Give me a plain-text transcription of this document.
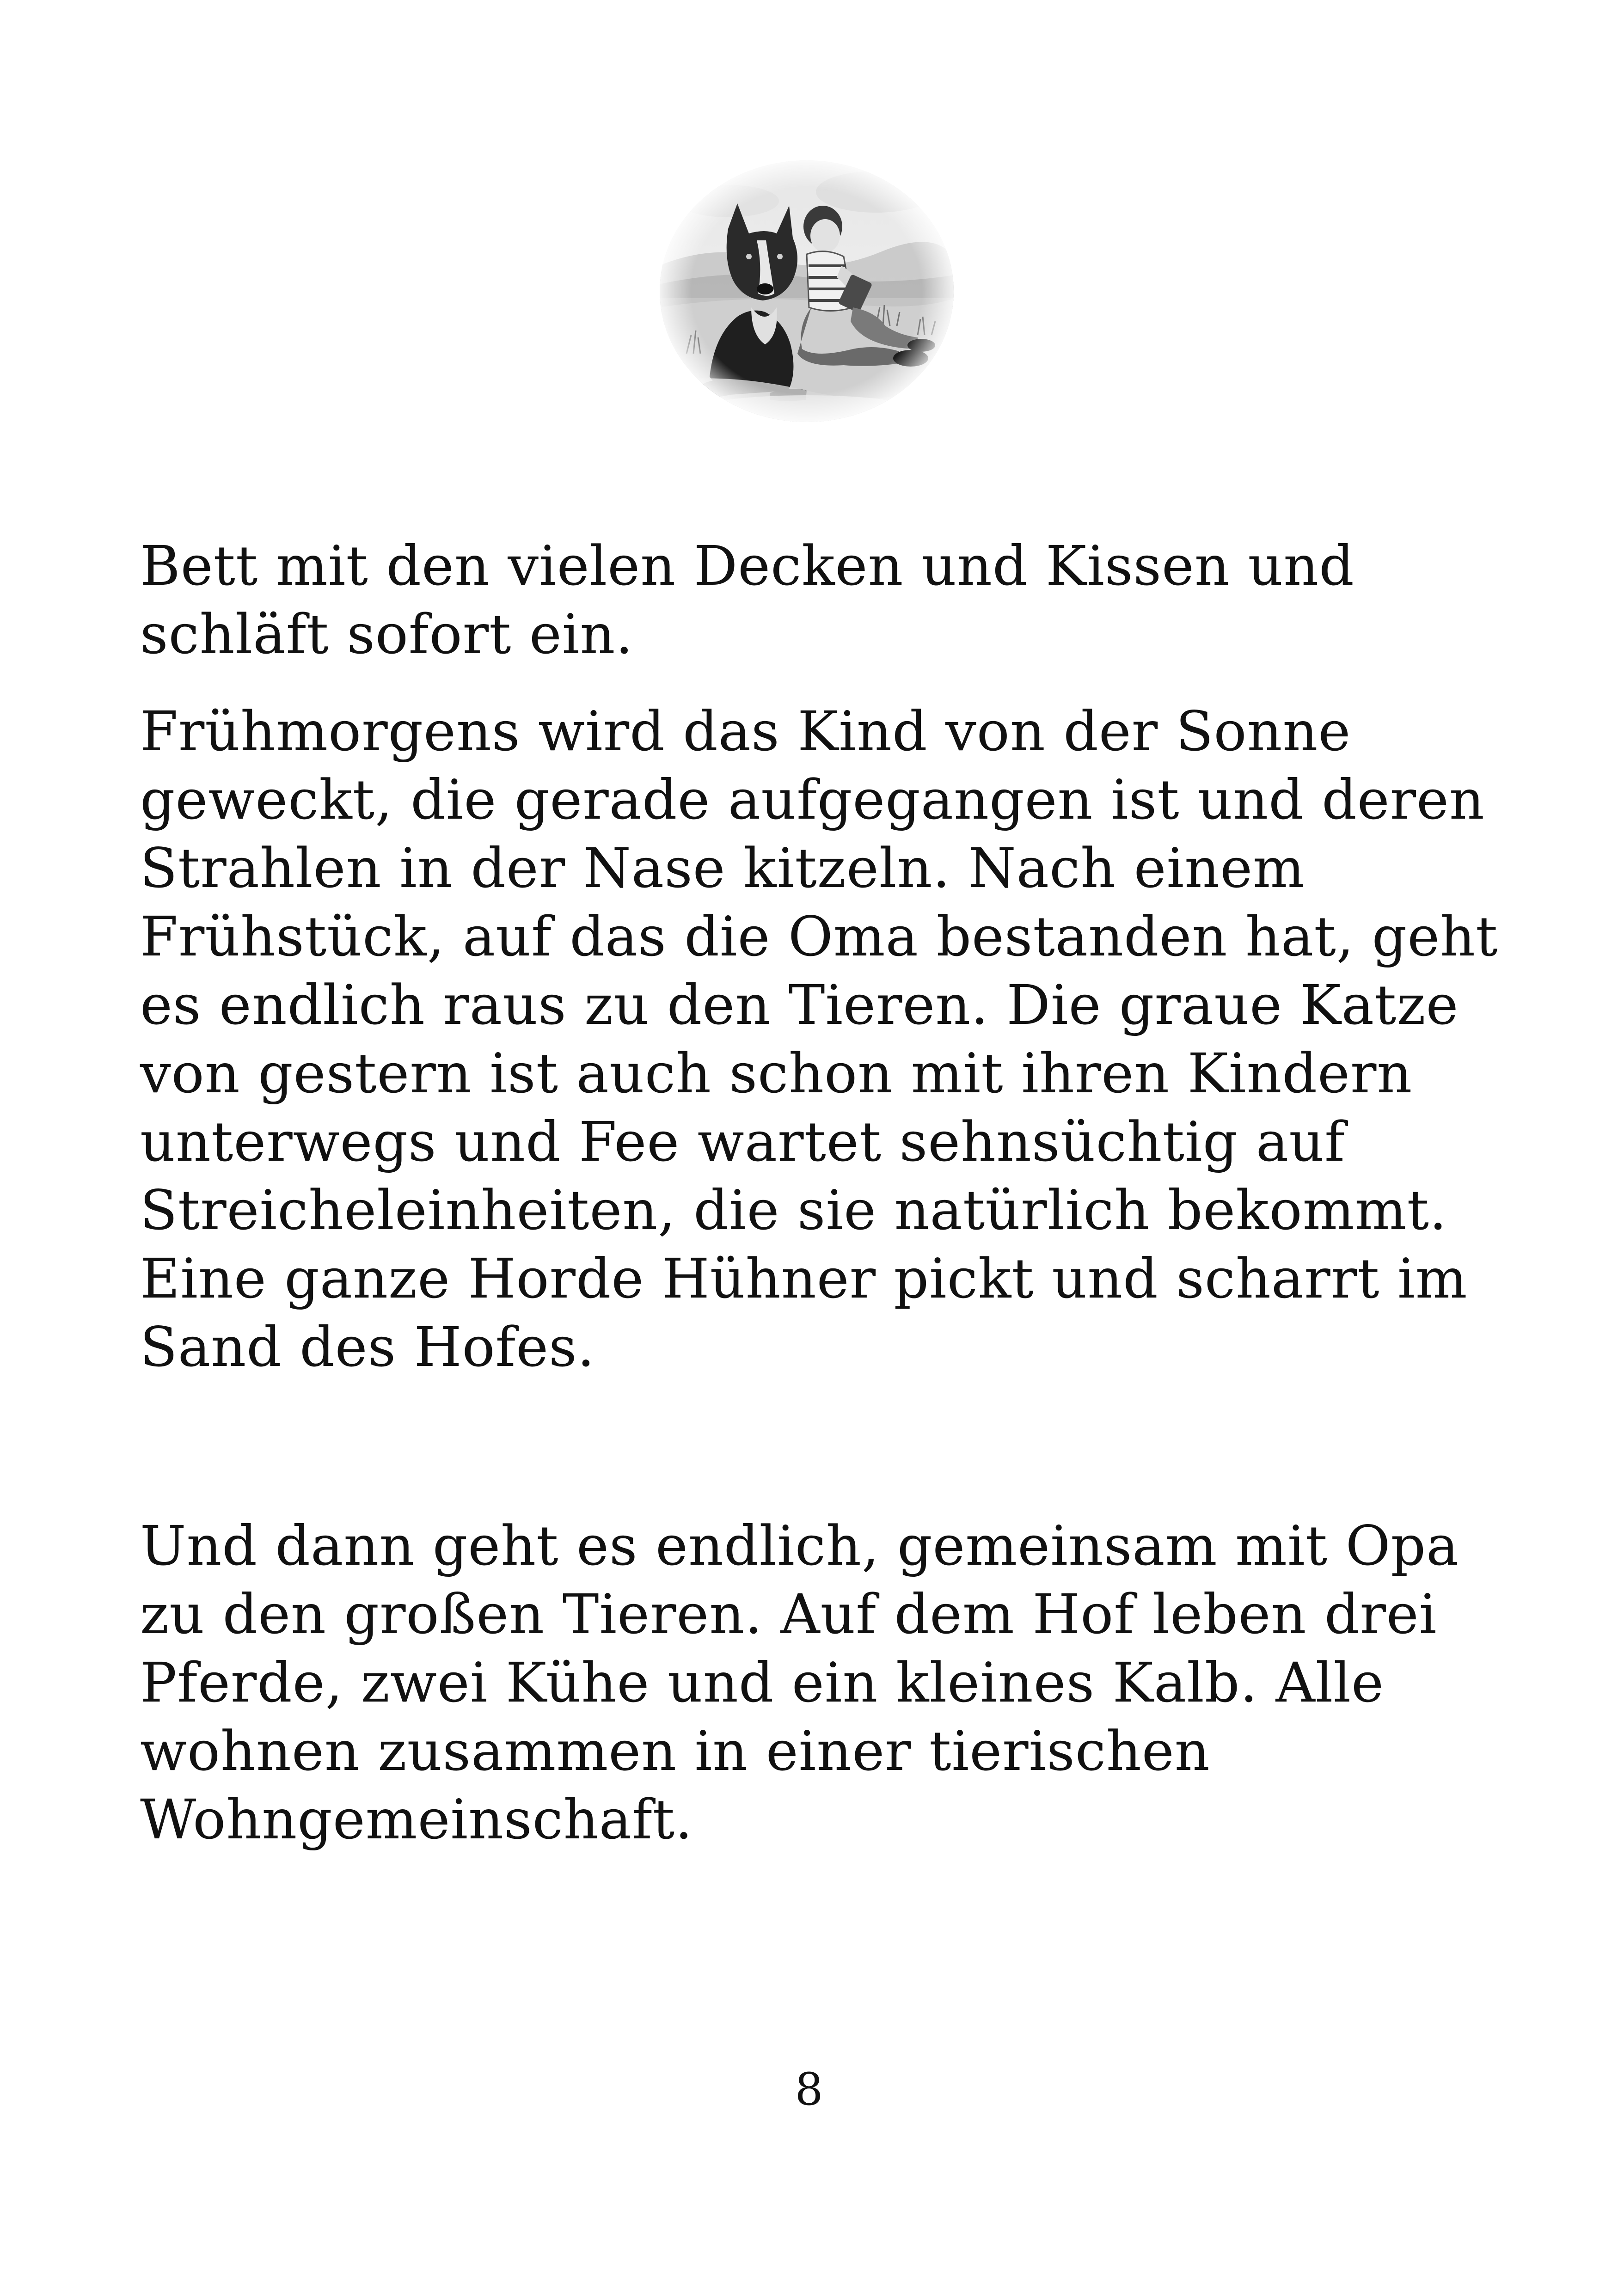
Bett mit den vielen Decken und Kissen und
schläft sofort ein.
Frühmorgens wird das Kind von der Sonne
geweckt, die gerade aufgegangen ist und deren
Strahlen in der Nase kitzeln. Nach einem
Frühstück, auf das die Oma bestanden hat, geht
es endlich raus zu den Tieren. Die graue Katze
von gestern ist auch schon mit ihren Kindern
unterwegs und Fee wartet sehnsüchtig auf
Streicheleinheiten, die sie natürlich bekommt.
Eine ganze Horde Hühner pickt und scharrt im
Sand des Hofes.
Und dann geht es endlich, gemeinsam mit Opa
zu den großen Tieren. Auf dem Hof leben drei
Pferde, zwei Kühe und ein kleines Kalb. Alle
wohnen zusammen in einer tierischen
Wohngemeinschaft.
8
